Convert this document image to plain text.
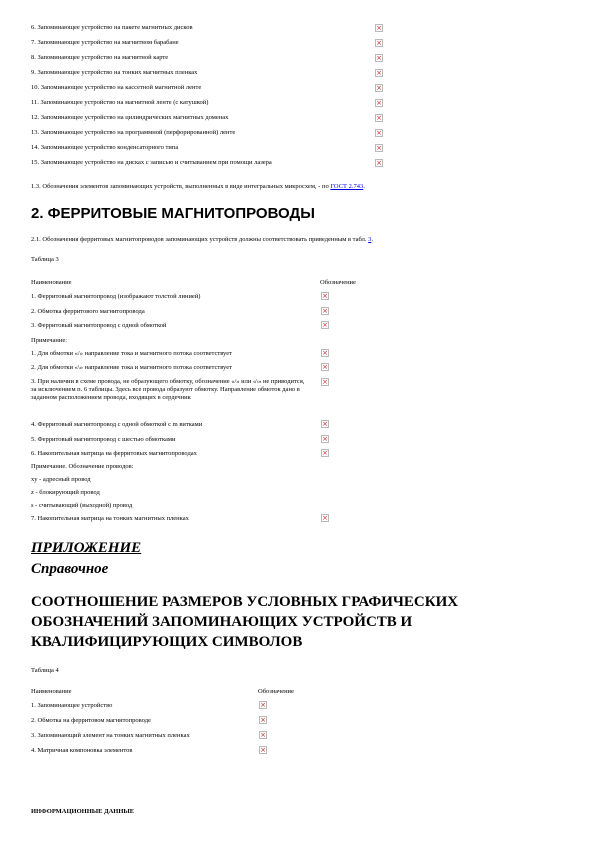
6. Запоминающее устройство на пакете магнитных дисков
×
7. Запоминающее устройство на магнитном барабане
×
8. Запоминающее устройство на магнитной карте
×
9. Запоминающее устройство на тонких магнитных пленках
×
10. Запоминающее устройство на кассетной магнитной ленте
×
11. Запоминающее устройство на магнитной ленте (с катушкой)
×
12. Запоминающее устройство на цилиндрических магнитных доменах
×
13. Запоминающее устройство на программной (перфорированной) ленте
×
14. Запоминающее устройство конденсаторного типа
×
15. Запоминающее устройство на дисках с записью и считыванием при помощи лазера
×
1.3. Обозначения элементов запоминающих устройств, выполненных в виде интегральных микросхем, - по ГОСТ 2.743.
2. ФЕРРИТОВЫЕ МАГНИТОПРОВОДЫ
2.1. Обозначения ферритовых магнитопроводов запоминающих устройств должны соответствовать приведенным в табл. 3.
Таблица 3
Наименование	Обозначение
1. Ферритовый магнитопровод (изображают толстой линией)
×
2. Обмотка ферритового магнитопровода
×
3. Ферритовый магнитопровод с одной обмоткой
×
Примечание:
1. Для обмотки «/» направление тока и магнитного потока соответствует
×
2. Для обмотки «\» направление тока и магнитного потока соответствует
×
3. При наличии в схеме провода, не образующего обмотку, обозначение «/» или «\» не приводится, за исключением п. 6 таблицы. Здесь все провода образуют обмотку. Направление обмоток дано в заданном расположением провода, входящих в сердечник
×
4. Ферритовый магнитопровод с одной обмоткой с m витками
×
5. Ферритовый магнитопровод с шестью обмотками
×
6. Накопительная матрица на ферритовых магнитопроводах
×
Примечание. Обозначение проводов:
xy - адресный провод
z - блокирующий провод
s - считывающий (выходной) провод
7. Накопительная матрица на тонких магнитных пленках
×
ПРИЛОЖЕНИЕ
Справочное
СООТНОШЕНИЕ РАЗМЕРОВ УСЛОВНЫХ ГРАФИЧЕСКИХ ОБОЗНАЧЕНИЙ ЗАПОМИНАЮЩИХ УСТРОЙСТВ И КВАЛИФИЦИРУЮЩИХ СИМВОЛОВ
Таблица 4
Наименование	Обозначение
1. Запоминающее устройство
×
2. Обмотка на ферритовом магнитопроводе
×
3. Запоминающий элемент на тонких магнитных пленках
×
4. Матричная компоновка элементов
×
ИНФОРМАЦИОННЫЕ ДАННЫЕ
